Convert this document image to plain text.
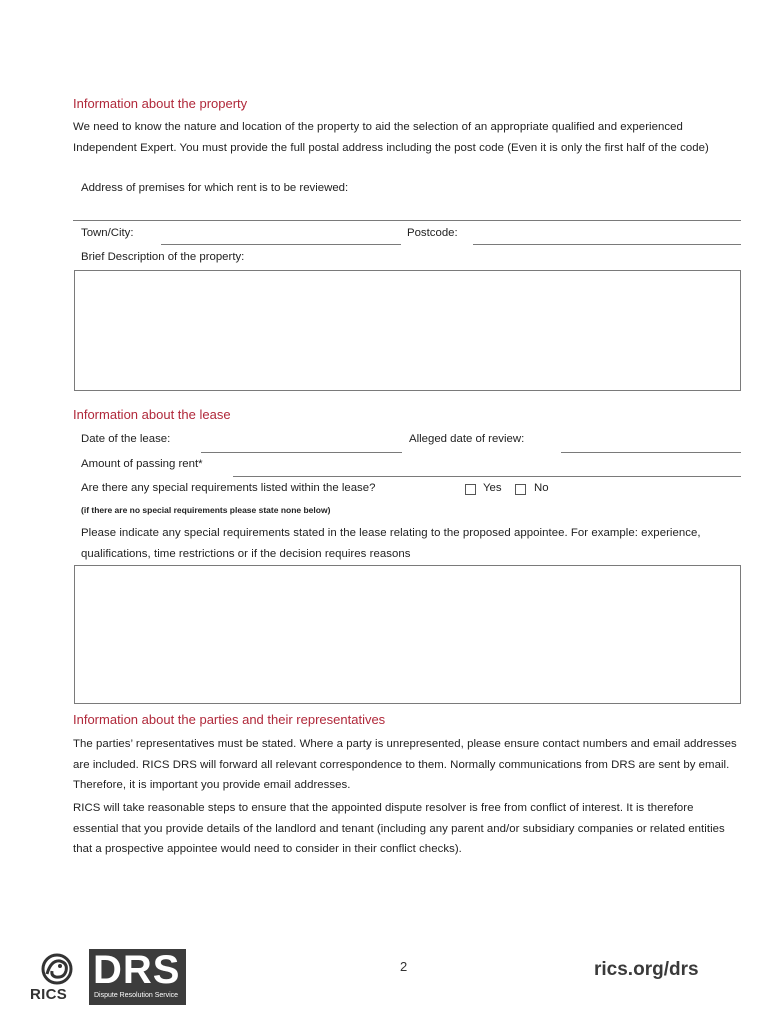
Information about the property
We need to know the nature and location of the property to aid the selection of an appropriate qualified and experienced Independent Expert. You must provide the full postal address including the post code (Even it is only the first half of the code)
Address of premises for which rent is to be reviewed:
Town/City:	Postcode:
Brief Description of the property:
Information about the lease
Date of the lease:	Alleged date of review:
Amount of passing rent*
Are there any special requirements listed within the lease?	Yes	No
(if there are no special requirements please state none below)
Please indicate any special requirements stated in the lease relating to the proposed appointee. For example: experience, qualifications, time restrictions or if the decision requires reasons
Information about the parties and their representatives
The parties’ representatives must be stated. Where a party is unrepresented, please ensure contact numbers and email addresses are included. RICS DRS will forward all relevant correspondence to them. Normally communications from DRS are sent by email. Therefore, it is important you provide email addresses.
RICS will take reasonable steps to ensure that the appointed dispute resolver is free from conflict of interest. It is therefore essential that you provide details of the landlord and tenant (including any parent and/or subsidiary companies or related entities that a prospective appointee would need to consider in their conflict checks).
RICS
DRS
Dispute Resolution Service
2	rics.org/drs
